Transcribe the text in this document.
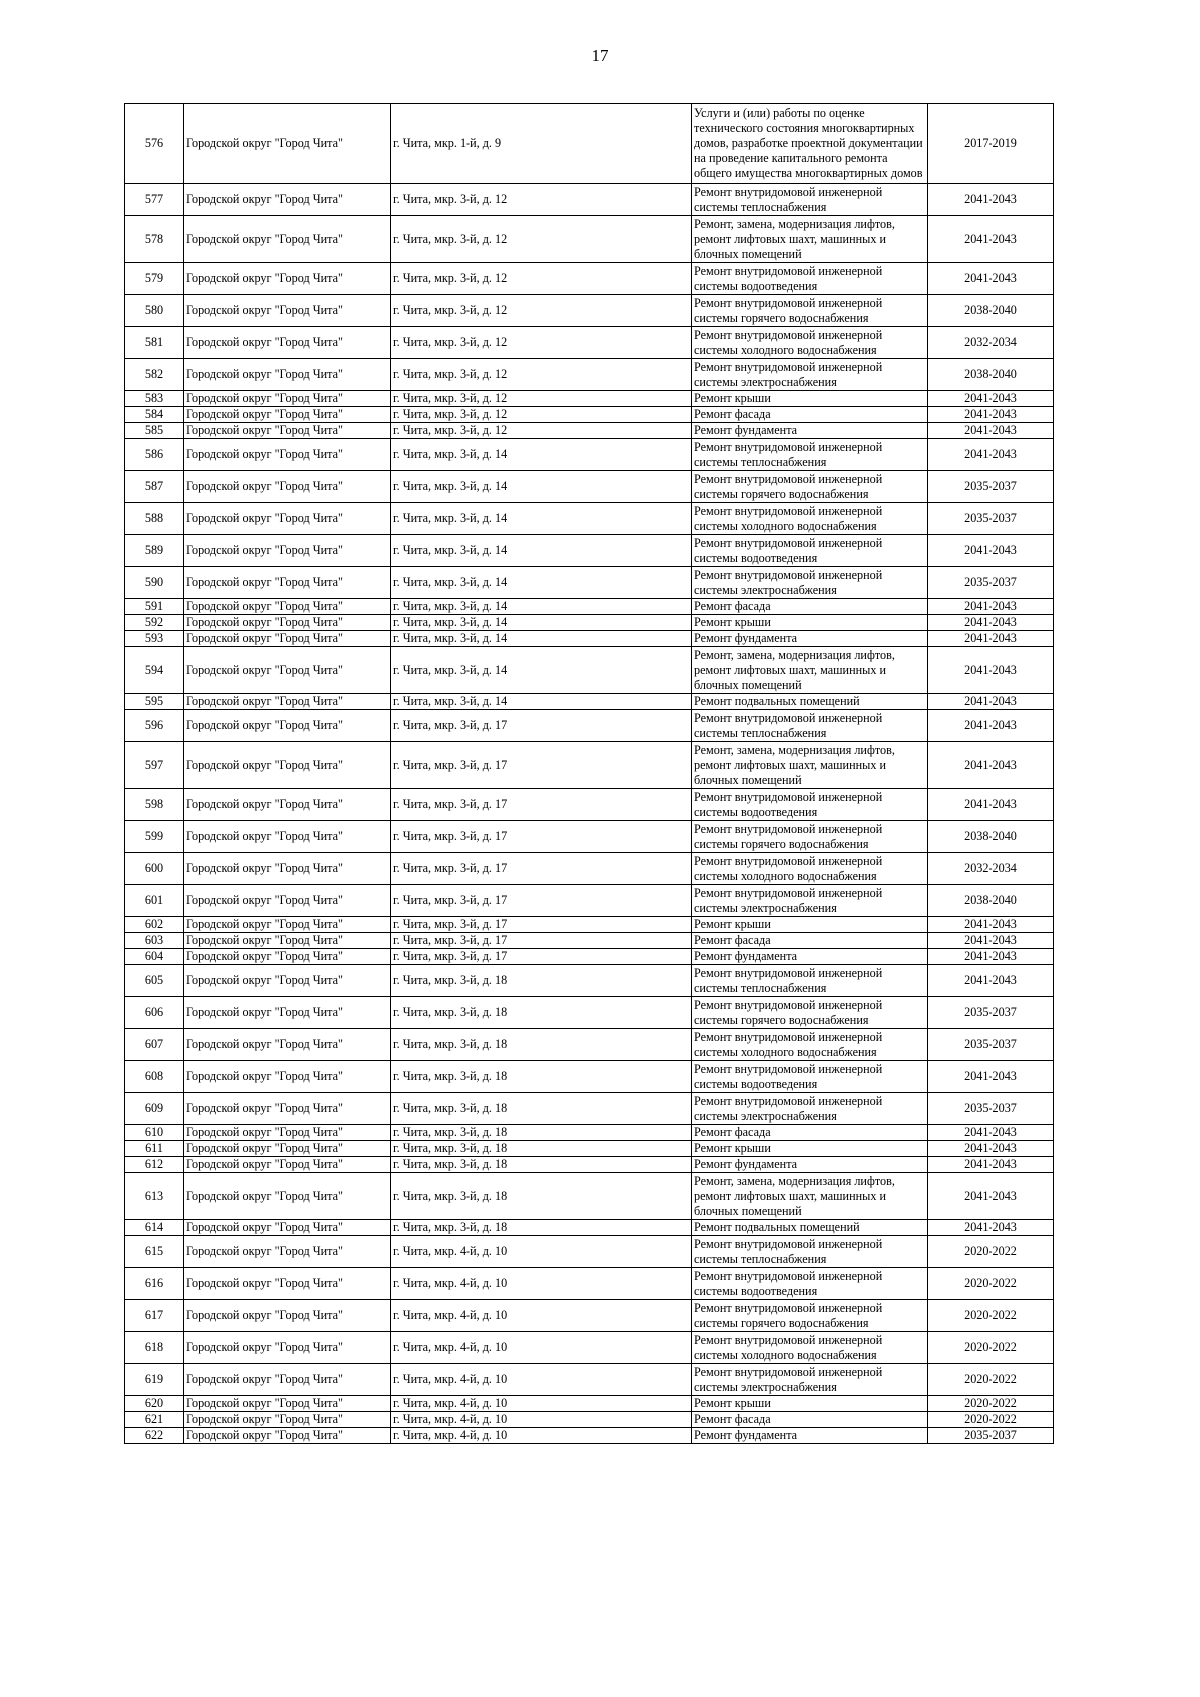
17
576	Городской округ "Город Чита"	г. Чита, мкр. 1-й, д. 9	Услуги и (или) работы по оценке технического состояния многоквартирных домов, разработке проектной документации на проведение капитального ремонта общего имущества многоквартирных домов	2017-2019
577	Городской округ "Город Чита"	г. Чита, мкр. 3-й, д. 12	Ремонт внутридомовой инженерной системы теплоснабжения	2041-2043
578	Городской округ "Город Чита"	г. Чита, мкр. 3-й, д. 12	Ремонт, замена, модернизация лифтов, ремонт лифтовых шахт, машинных и блочных помещений	2041-2043
579	Городской округ "Город Чита"	г. Чита, мкр. 3-й, д. 12	Ремонт внутридомовой инженерной системы водоотведения	2041-2043
580	Городской округ "Город Чита"	г. Чита, мкр. 3-й, д. 12	Ремонт внутридомовой инженерной системы горячего водоснабжения	2038-2040
581	Городской округ "Город Чита"	г. Чита, мкр. 3-й, д. 12	Ремонт внутридомовой инженерной системы холодного водоснабжения	2032-2034
582	Городской округ "Город Чита"	г. Чита, мкр. 3-й, д. 12	Ремонт внутридомовой инженерной системы электроснабжения	2038-2040
583	Городской округ "Город Чита"	г. Чита, мкр. 3-й, д. 12	Ремонт крыши	2041-2043
584	Городской округ "Город Чита"	г. Чита, мкр. 3-й, д. 12	Ремонт фасада	2041-2043
585	Городской округ "Город Чита"	г. Чита, мкр. 3-й, д. 12	Ремонт фундамента	2041-2043
586	Городской округ "Город Чита"	г. Чита, мкр. 3-й, д. 14	Ремонт внутридомовой инженерной системы теплоснабжения	2041-2043
587	Городской округ "Город Чита"	г. Чита, мкр. 3-й, д. 14	Ремонт внутридомовой инженерной системы горячего водоснабжения	2035-2037
588	Городской округ "Город Чита"	г. Чита, мкр. 3-й, д. 14	Ремонт внутридомовой инженерной системы холодного водоснабжения	2035-2037
589	Городской округ "Город Чита"	г. Чита, мкр. 3-й, д. 14	Ремонт внутридомовой инженерной системы водоотведения	2041-2043
590	Городской округ "Город Чита"	г. Чита, мкр. 3-й, д. 14	Ремонт внутридомовой инженерной системы электроснабжения	2035-2037
591	Городской округ "Город Чита"	г. Чита, мкр. 3-й, д. 14	Ремонт фасада	2041-2043
592	Городской округ "Город Чита"	г. Чита, мкр. 3-й, д. 14	Ремонт крыши	2041-2043
593	Городской округ "Город Чита"	г. Чита, мкр. 3-й, д. 14	Ремонт фундамента	2041-2043
594	Городской округ "Город Чита"	г. Чита, мкр. 3-й, д. 14	Ремонт, замена, модернизация лифтов, ремонт лифтовых шахт, машинных и блочных помещений	2041-2043
595	Городской округ "Город Чита"	г. Чита, мкр. 3-й, д. 14	Ремонт подвальных помещений	2041-2043
596	Городской округ "Город Чита"	г. Чита, мкр. 3-й, д. 17	Ремонт внутридомовой инженерной системы теплоснабжения	2041-2043
597	Городской округ "Город Чита"	г. Чита, мкр. 3-й, д. 17	Ремонт, замена, модернизация лифтов, ремонт лифтовых шахт, машинных и блочных помещений	2041-2043
598	Городской округ "Город Чита"	г. Чита, мкр. 3-й, д. 17	Ремонт внутридомовой инженерной системы водоотведения	2041-2043
599	Городской округ "Город Чита"	г. Чита, мкр. 3-й, д. 17	Ремонт внутридомовой инженерной системы горячего водоснабжения	2038-2040
600	Городской округ "Город Чита"	г. Чита, мкр. 3-й, д. 17	Ремонт внутридомовой инженерной системы холодного водоснабжения	2032-2034
601	Городской округ "Город Чита"	г. Чита, мкр. 3-й, д. 17	Ремонт внутридомовой инженерной системы электроснабжения	2038-2040
602	Городской округ "Город Чита"	г. Чита, мкр. 3-й, д. 17	Ремонт крыши	2041-2043
603	Городской округ "Город Чита"	г. Чита, мкр. 3-й, д. 17	Ремонт фасада	2041-2043
604	Городской округ "Город Чита"	г. Чита, мкр. 3-й, д. 17	Ремонт фундамента	2041-2043
605	Городской округ "Город Чита"	г. Чита, мкр. 3-й, д. 18	Ремонт внутридомовой инженерной системы теплоснабжения	2041-2043
606	Городской округ "Город Чита"	г. Чита, мкр. 3-й, д. 18	Ремонт внутридомовой инженерной системы горячего водоснабжения	2035-2037
607	Городской округ "Город Чита"	г. Чита, мкр. 3-й, д. 18	Ремонт внутридомовой инженерной системы холодного водоснабжения	2035-2037
608	Городской округ "Город Чита"	г. Чита, мкр. 3-й, д. 18	Ремонт внутридомовой инженерной системы водоотведения	2041-2043
609	Городской округ "Город Чита"	г. Чита, мкр. 3-й, д. 18	Ремонт внутридомовой инженерной системы электроснабжения	2035-2037
610	Городской округ "Город Чита"	г. Чита, мкр. 3-й, д. 18	Ремонт фасада	2041-2043
611	Городской округ "Город Чита"	г. Чита, мкр. 3-й, д. 18	Ремонт крыши	2041-2043
612	Городской округ "Город Чита"	г. Чита, мкр. 3-й, д. 18	Ремонт фундамента	2041-2043
613	Городской округ "Город Чита"	г. Чита, мкр. 3-й, д. 18	Ремонт, замена, модернизация лифтов, ремонт лифтовых шахт, машинных и блочных помещений	2041-2043
614	Городской округ "Город Чита"	г. Чита, мкр. 3-й, д. 18	Ремонт подвальных помещений	2041-2043
615	Городской округ "Город Чита"	г. Чита, мкр. 4-й, д. 10	Ремонт внутридомовой инженерной системы теплоснабжения	2020-2022
616	Городской округ "Город Чита"	г. Чита, мкр. 4-й, д. 10	Ремонт внутридомовой инженерной системы водоотведения	2020-2022
617	Городской округ "Город Чита"	г. Чита, мкр. 4-й, д. 10	Ремонт внутридомовой инженерной системы горячего водоснабжения	2020-2022
618	Городской округ "Город Чита"	г. Чита, мкр. 4-й, д. 10	Ремонт внутридомовой инженерной системы холодного водоснабжения	2020-2022
619	Городской округ "Город Чита"	г. Чита, мкр. 4-й, д. 10	Ремонт внутридомовой инженерной системы электроснабжения	2020-2022
620	Городской округ "Город Чита"	г. Чита, мкр. 4-й, д. 10	Ремонт крыши	2020-2022
621	Городской округ "Город Чита"	г. Чита, мкр. 4-й, д. 10	Ремонт фасада	2020-2022
622	Городской округ "Город Чита"	г. Чита, мкр. 4-й, д. 10	Ремонт фундамента	2035-2037
